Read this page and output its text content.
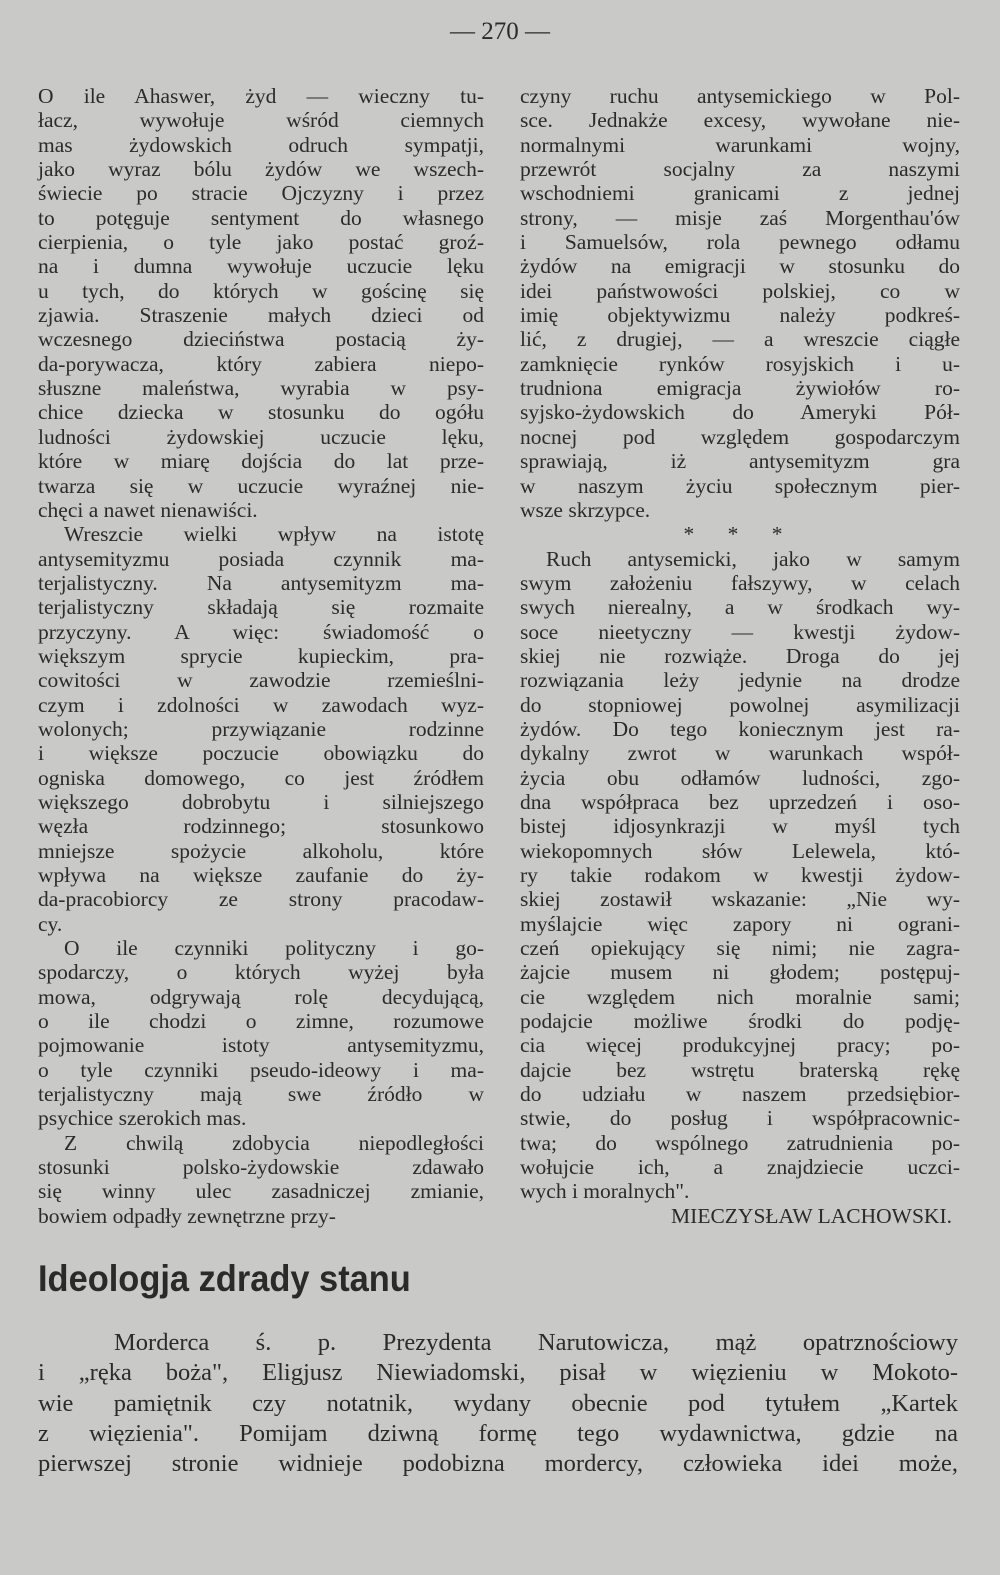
— 270 —
O ile Ahaswer, żyd — wieczny tu-
łacz, wywołuje wśród ciemnych
mas żydowskich odruch sympatji,
jako wyraz bólu żydów we wszech-
świecie po stracie Ojczyzny i przez
to potęguje sentyment do własnego
cierpienia, o tyle jako postać groź-
na i dumna wywołuje uczucie lęku
u tych, do których w gościnę się
zjawia. Straszenie małych dzieci od
wczesnego dzieciństwa postacią ży-
da-porywacza, który zabiera niepo-
słuszne maleństwa, wyrabia w psy-
chice dziecka w stosunku do ogółu
ludności żydowskiej uczucie lęku,
które w miarę dojścia do lat prze-
twarza się w uczucie wyraźnej nie-
chęci a nawet nienawiści.
Wreszcie wielki wpływ na istotę
antysemityzmu posiada czynnik ma-
terjalistyczny. Na antysemityzm ma-
terjalistyczny składają się rozmaite
przyczyny. A więc: świadomość o
większym sprycie kupieckim, pra-
cowitości w zawodzie rzemieślni-
czym i zdolności w zawodach wyz-
wolonych; przywiązanie rodzinne
i większe poczucie obowiązku do
ogniska domowego, co jest źródłem
większego dobrobytu i silniejszego
węzła rodzinnego; stosunkowo
mniejsze spożycie alkoholu, które
wpływa na większe zaufanie do ży-
da-pracobiorcy ze strony pracodaw-
cy.
O ile czynniki polityczny i go-
spodarczy, o których wyżej była
mowa, odgrywają rolę decydującą,
o ile chodzi o zimne, rozumowe
pojmowanie istoty antysemityzmu,
o tyle czynniki pseudo-ideowy i ma-
terjalistyczny mają swe źródło w
psychice szerokich mas.
Z chwilą zdobycia niepodległości
stosunki polsko-żydowskie zdawało
się winny ulec zasadniczej zmianie,
bowiem odpadły zewnętrzne przy-
czyny ruchu antysemickiego w Pol-
sce. Jednakże excesy, wywołane nie-
normalnymi warunkami wojny,
przewrót socjalny za naszymi
wschodniemi granicami z jednej
strony, — misje zaś Morgenthau'ów
i Samuelsów, rola pewnego odłamu
żydów na emigracji w stosunku do
idei państwowości polskiej, co w
imię objektywizmu należy podkreś-
lić, z drugiej, — a wreszcie ciągłe
zamknięcie rynków rosyjskich i u-
trudniona emigracja żywiołów ro-
syjsko-żydowskich do Ameryki Pół-
nocnej pod względem gospodarczym
sprawiają, iż antysemityzm gra
w naszym życiu społecznym pier-
wsze skrzypce.
* * *
Ruch antysemicki, jako w samym
swym założeniu fałszywy, w celach
swych nierealny, a w środkach wy-
soce nieetyczny — kwestji żydow-
skiej nie rozwiąże. Droga do jej
rozwiązania leży jedynie na drodze
do stopniowej powolnej asymilizacji
żydów. Do tego koniecznym jest ra-
dykalny zwrot w warunkach współ-
życia obu odłamów ludności, zgo-
dna współpraca bez uprzedzeń i oso-
bistej idjosynkrazji w myśl tych
wiekopomnych słów Lelewela, któ-
ry takie rodakom w kwestji żydow-
skiej zostawił wskazanie: „Nie wy-
myślajcie więc zapory ni ograni-
czeń opiekujący się nimi; nie zagra-
żajcie musem ni głodem; postępuj-
cie względem nich moralnie sami;
podajcie możliwe środki do podję-
cia więcej produkcyjnej pracy; po-
dajcie bez wstrętu braterską rękę
do udziału w naszem przedsiębior-
stwie, do posług i współpracownic-
twa; do wspólnego zatrudnienia po-
wołujcie ich, a znajdziecie uczci-
wych i moralnych".
MIECZYSŁAW LACHOWSKI.
Ideologja zdrady stanu
Morderca ś. p. Prezydenta Narutowicza, mąż opatrznościowy
i „ręka boża", Eligjusz Niewiadomski, pisał w więzieniu w Mokoto-
wie pamiętnik czy notatnik, wydany obecnie pod tytułem „Kartek
z więzienia". Pomijam dziwną formę tego wydawnictwa, gdzie na
pierwszej stronie widnieje podobizna mordercy, człowieka idei może,
